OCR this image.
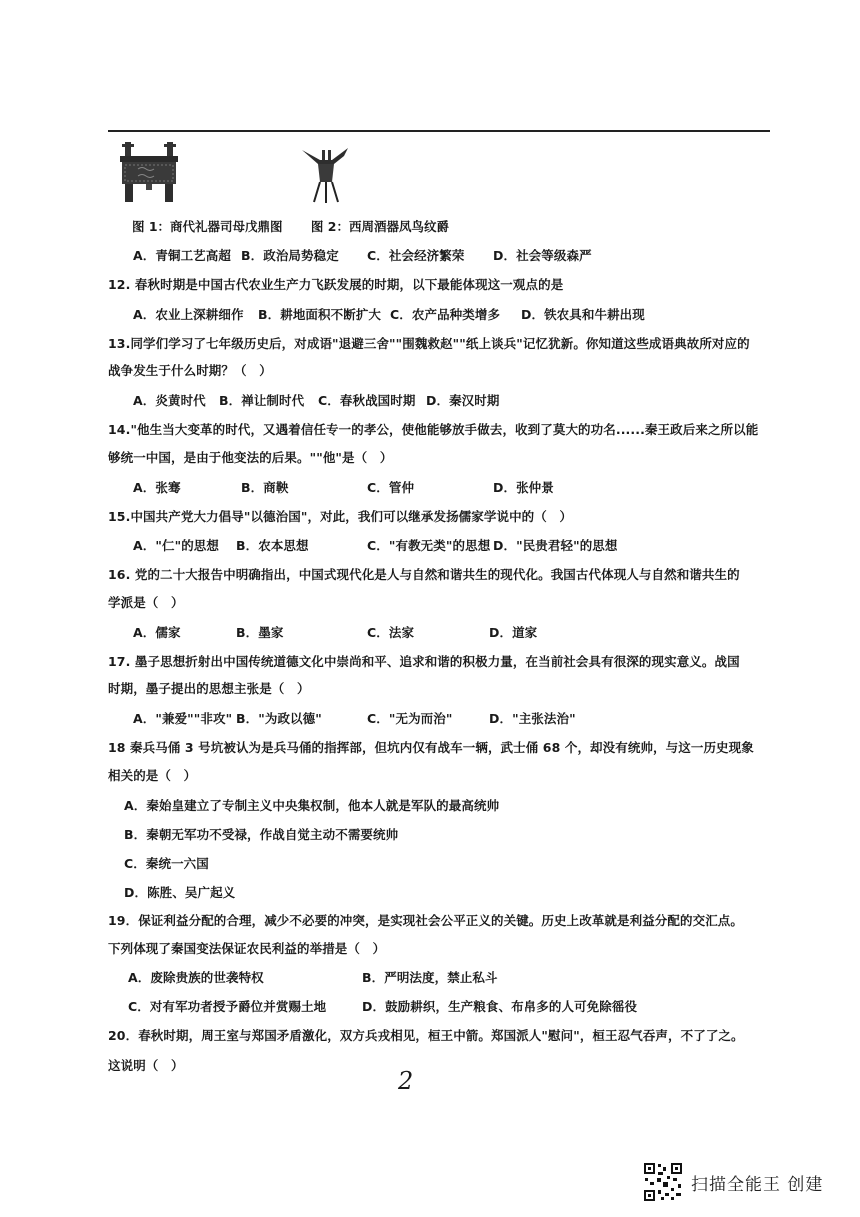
图 1：商代礼器司母戊鼎图 图 2：西周酒器凤鸟纹爵
A．青铜工艺高超 B．政治局势稳定 C．社会经济繁荣 D．社会等级森严
12. 春秋时期是中国古代农业生产力飞跃发展的时期，以下最能体现这一观点的是
A．农业上深耕细作 B．耕地面积不断扩大 C．农产品种类增多 D．铁农具和牛耕出现
13.同学们学习了七年级历史后，对成语"退避三舍""围魏救赵""纸上谈兵"记忆犹新。你知道这些成语典故所对应的
战争发生于什么时期？（　）
A．炎黄时代 B．禅让制时代 C．春秋战国时期 D．秦汉时期
14."他生当大变革的时代，又遇着信任专一的孝公，使他能够放手做去，收到了莫大的功名......秦王政后来之所以能
够统一中国，是由于他变法的后果。""他"是（　）
A．张骞	B．商鞅	C．管仲	D．张仲景
15.中国共产党大力倡导"以德治国"，对此，我们可以继承发扬儒家学说中的（　）
A．"仁"的思想 B．农本思想	C．"有教无类"的思想 D．"民贵君轻"的思想
16. 党的二十大报告中明确指出，中国式现代化是人与自然和谐共生的现代化。我国古代体现人与自然和谐共生的
学派是（　）
A．儒家	B．墨家	C．法家	D．道家
17. 墨子思想折射出中国传统道德文化中崇尚和平、追求和谐的积极力量，在当前社会具有很深的现实意义。战国
时期，墨子提出的思想主张是（　）
A．"兼爱""非攻" B．"为政以德"	C．"无为而治"	D．"主张法治"
18 秦兵马俑 3 号坑被认为是兵马俑的指挥部，但坑内仅有战车一辆，武士俑 68 个，却没有统帅，与这一历史现象
相关的是（　）
A．秦始皇建立了专制主义中央集权制，他本人就是军队的最高统帅
B．秦朝无军功不受禄，作战自觉主动不需要统帅
C．秦统一六国
D．陈胜、吴广起义
19．保证利益分配的合理，减少不必要的冲突，是实现社会公平正义的关键。历史上改革就是利益分配的交汇点。
下列体现了秦国变法保证农民利益的举措是（　）
A．废除贵族的世袭特权	B．严明法度，禁止私斗
C．对有军功者授予爵位并赏赐土地	D．鼓励耕织，生产粮食、布帛多的人可免除徭役
20．春秋时期，周王室与郑国矛盾激化，双方兵戎相见，桓王中箭。郑国派人"慰问"，桓王忍气吞声，不了了之。
这说明（　）
2
扫描全能王 创建
